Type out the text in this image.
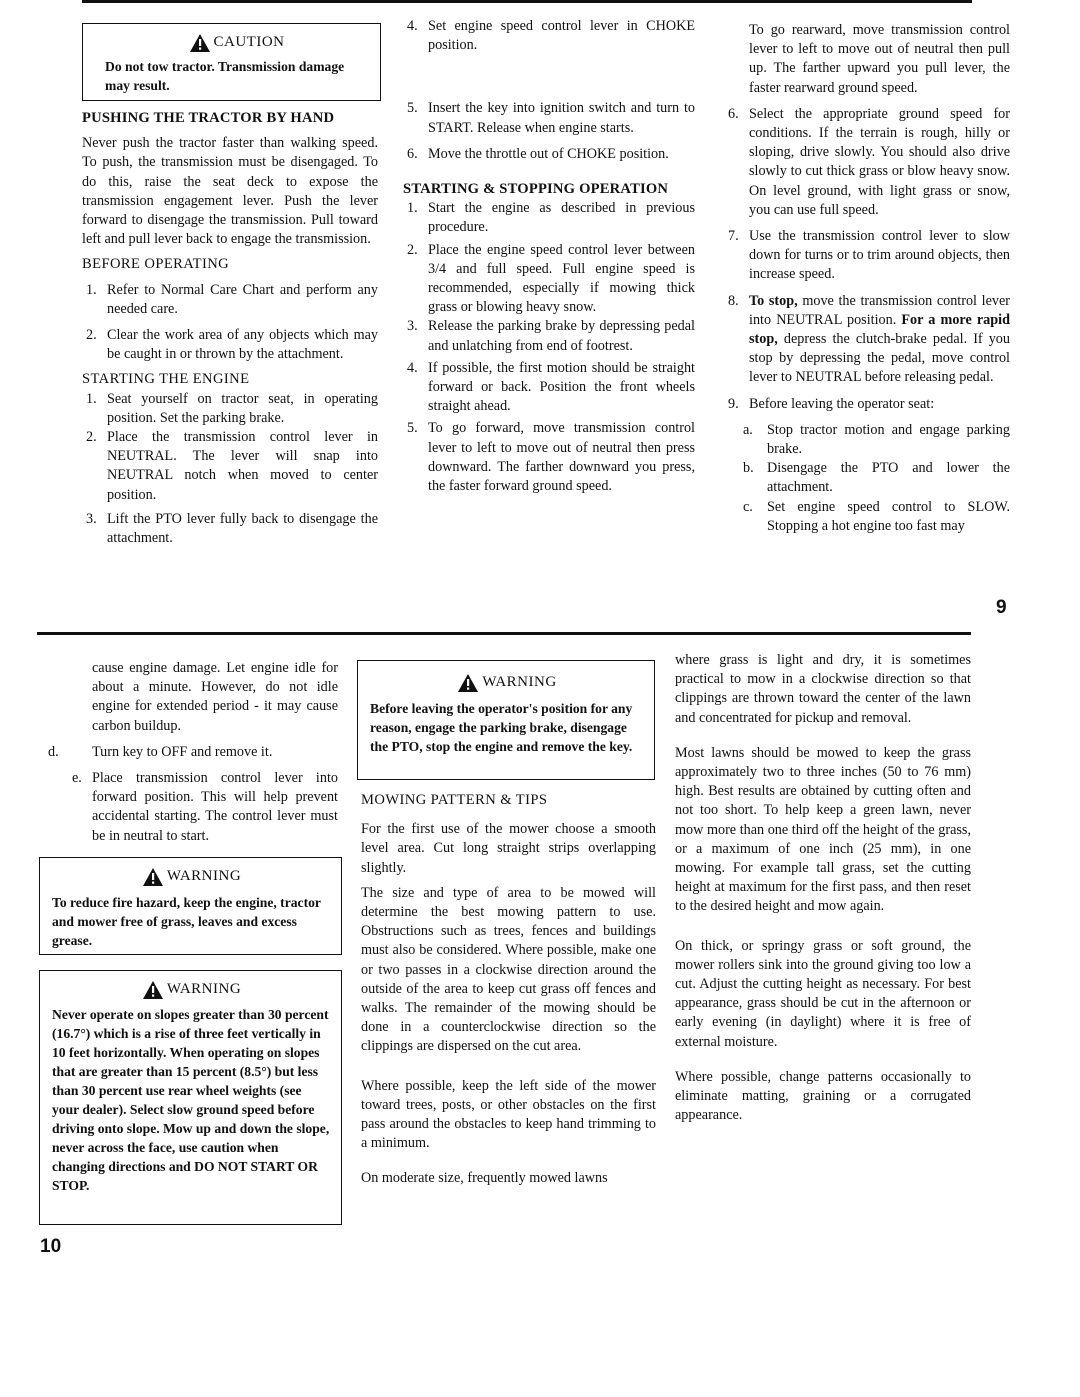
CAUTION
Do not tow tractor. Transmission damage may result.
PUSHING THE TRACTOR BY HAND

Never push the tractor faster than walking speed. To push, the transmission must be disengaged. To do this, raise the seat deck to expose the transmission engagement lever. Push the lever forward to disengage the transmission. Pull toward left and pull lever back to engage the transmission.

BEFORE OPERATING
1. Refer to Normal Care Chart and perform any needed care.
2. Clear the work area of any objects which may be caught in or thrown by the attachment.
STARTING THE ENGINE
1. Seat yourself on tractor seat, in operating position. Set the parking brake.
2. Place the transmission control lever in NEUTRAL. The lever will snap into NEUTRAL notch when moved to center position.
3. Lift the PTO lever fully back to disengage the attachment.
4. Set engine speed control lever in CHOKE position.
5. Insert the key into ignition switch and turn to START. Release when engine starts.
6. Move the throttle out of CHOKE position.
STARTING & STOPPING OPERATION
1. Start the engine as described in previous procedure.
2. Place the engine speed control lever between 3/4 and full speed. Full engine speed is recommended, especially if mowing thick grass or blowing heavy snow.
3. Release the parking brake by depressing pedal and unlatching from end of footrest.
4. If possible, the first motion should be straight forward or back. Position the front wheels straight ahead.
5. To go forward, move transmission control lever to left to move out of neutral then press downward. The farther downward you press, the faster forward ground speed.
To go rearward, move transmission control lever to left to move out of neutral then pull up. The farther upward you pull lever, the faster rearward ground speed.
6. Select the appropriate ground speed for conditions. If the terrain is rough, hilly or sloping, drive slowly. You should also drive slowly to cut thick grass or blow heavy snow. On level ground, with light grass or snow, you can use full speed.
7. Use the transmission control lever to slow down for turns or to trim around objects, then increase speed.
8. To stop, move the transmission control lever into NEUTRAL position. For a more rapid stop, depress the clutch-brake pedal. If you stop by depressing the pedal, move control lever to NEUTRAL before releasing pedal.
9. Before leaving the operator seat:
a. Stop tractor motion and engage parking brake.
b. Disengage the PTO and lower the attachment.
c. Set engine speed control to SLOW. Stopping a hot engine too fast may
9

cause engine damage. Let engine idle for about a minute. However, do not idle engine for extended period - it may cause carbon buildup.

d. Turn key to OFF and remove it.
e. Place transmission control lever into forward position. This will help prevent accidental starting. The control lever must be in neutral to start.
WARNING
To reduce fire hazard, keep the engine, tractor and mower free of grass, leaves and excess grease.
WARNING
Never operate on slopes greater than 30 percent (16.7°) which is a rise of three feet vertically in 10 feet horizontally. When operating on slopes that are greater than 15 percent (8.5°) but less than 30 percent use rear wheel weights (see your dealer). Select slow ground speed before driving onto slope. Mow up and down the slope, never across the face, use caution when changing directions and DO NOT START OR STOP.
10
WARNING
Before leaving the operator's position for any reason, engage the parking brake, disengage the PTO, stop the engine and remove the key.
MOWING PATTERN & TIPS

For the first use of the mower choose a smooth level area. Cut long straight strips overlapping slightly.

The size and type of area to be mowed will determine the best mowing pattern to use. Obstructions such as trees, fences and buildings must also be considered. Where possible, make one or two passes in a clockwise direction around the outside of the area to keep cut grass off fences and walks. The remainder of the mowing should be done in a counterclockwise direction so the clippings are dispersed on the cut area.

Where possible, keep the left side of the mower toward trees, posts, or other obstacles on the first pass around the obstacles to keep hand trimming to a minimum.

On moderate size, frequently mowed lawns

where grass is light and dry, it is sometimes practical to mow in a clockwise direction so that clippings are thrown toward the center of the lawn and concentrated for pickup and removal.

Most lawns should be mowed to keep the grass approximately two to three inches (50 to 76 mm) high. Best results are obtained by cutting often and not too short. To help keep a green lawn, never mow more than one third off the height of the grass, or a maximum of one inch (25 mm), in one mowing. For example tall grass, set the cutting height at maximum for the first pass, and then reset to the desired height and mow again.

On thick, or springy grass or soft ground, the mower rollers sink into the ground giving too low a cut. Adjust the cutting height as necessary. For best appearance, grass should be cut in the afternoon or early evening (in daylight) where it is free of external moisture.

Where possible, change patterns occasionally to eliminate matting, graining or a corrugated appearance.
